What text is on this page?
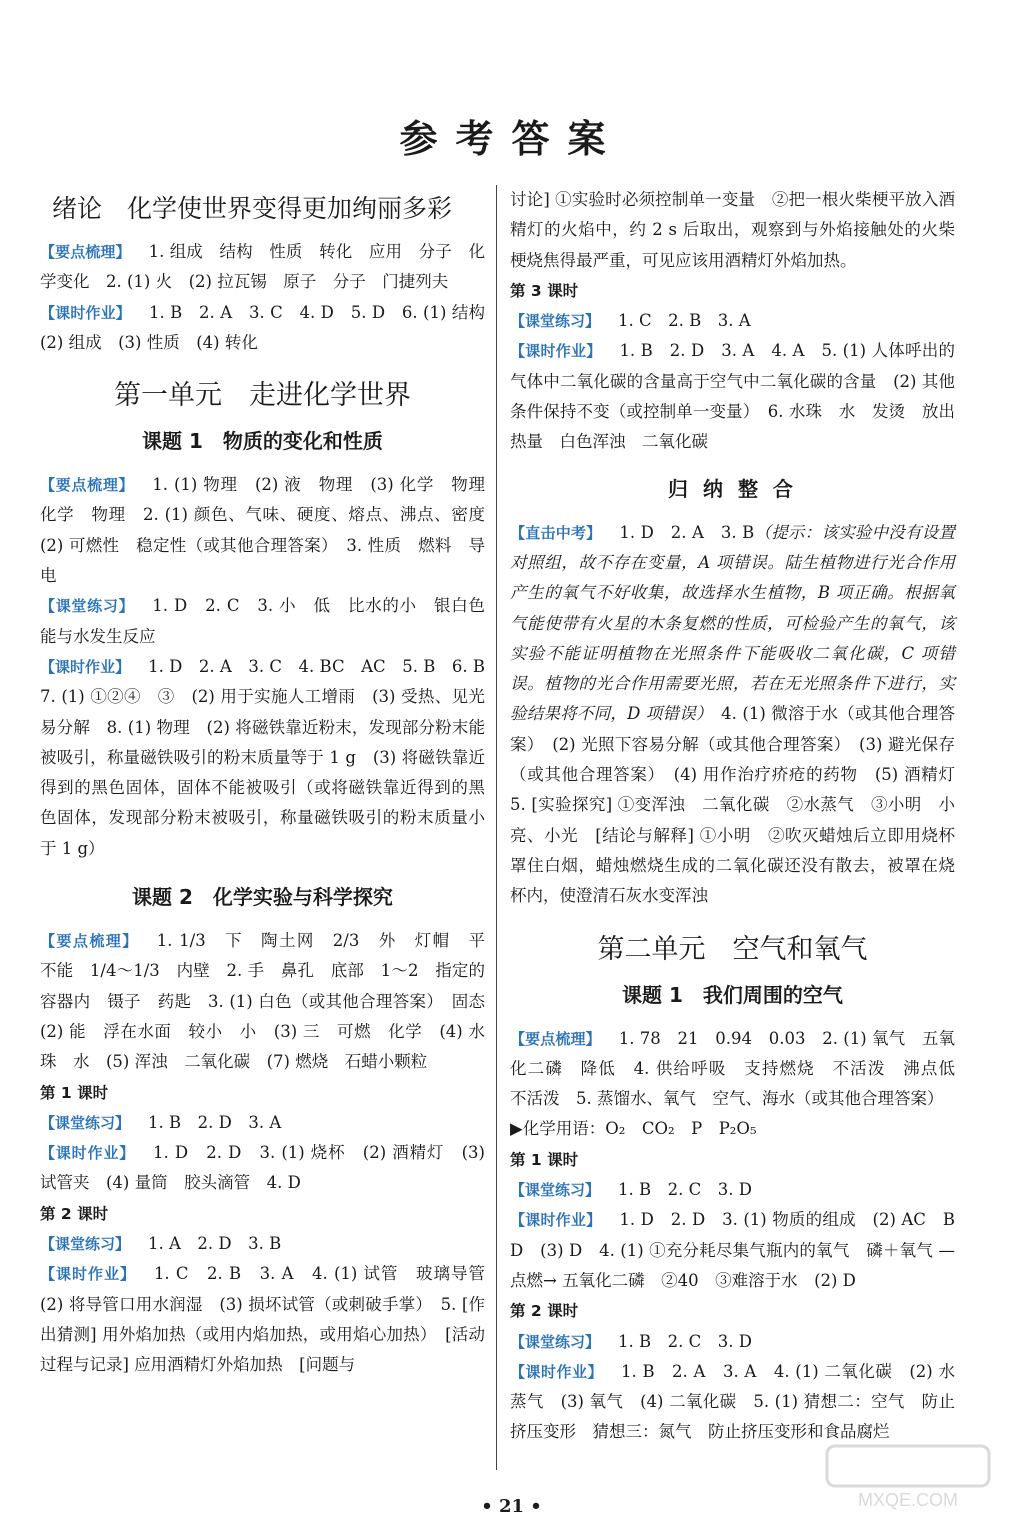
参考答案
绪论　化学使世界变得更加绚丽多彩

【要点梳理】 1. 组成　结构　性质　转化　应用　分子　化学变化　2. (1) 火　(2) 拉瓦锡　原子　分子　门捷列夫

【课时作业】 1. B　2. A　3. C　4. D　5. D　6. (1) 结构　(2) 组成　(3) 性质　(4) 转化

第一单元　走进化学世界
课题 1　物质的变化和性质

【要点梳理】 1. (1) 物理　(2) 液　物理　(3) 化学　物理　化学　物理　2. (1) 颜色、气味、硬度、熔点、沸点、密度　(2) 可燃性　稳定性（或其他合理答案）　3. 性质　燃料　导电

【课堂练习】 1. D　2. C　3. 小　低　比水的小　银白色　能与水发生反应

【课时作业】 1. D　2. A　3. C　4. BC　AC　5. B　6. B　7. (1) ①②④　③　(2) 用于实施人工增雨　(3) 受热、见光易分解　8. (1) 物理　(2) 将磁铁靠近粉末，发现部分粉末能被吸引，称量磁铁吸引的粉末质量等于 1 g　(3) 将磁铁靠近得到的黑色固体，固体不能被吸引（或将磁铁靠近得到的黑色固体，发现部分粉末被吸引，称量磁铁吸引的粉末质量小于 1 g）

课题 2　化学实验与科学探究

【要点梳理】 1. 1/3　下　陶土网　2/3　外　灯帽　平　不能　1/4～1/3　内壁　2. 手　鼻孔　底部　1～2　指定的容器内　镊子　药匙　3. (1) 白色（或其他合理答案）　固态　(2) 能　浮在水面　较小　小　(3) 三　可燃　化学　(4) 水珠　水　(5) 浑浊　二氧化碳　(7) 燃烧　石蜡小颗粒

第 1 课时

【课堂练习】 1. B　2. D　3. A

【课时作业】 1. D　2. D　3. (1) 烧杯　(2) 酒精灯　(3) 试管夹　(4) 量筒　胶头滴管　4. D

第 2 课时

【课堂练习】 1. A　2. D　3. B

【课时作业】 1. C　2. B　3. A　4. (1) 试管　玻璃导管　(2) 将导管口用水润湿　(3) 损坏试管（或刺破手掌）　5. [作出猜测] 用外焰加热（或用内焰加热，或用焰心加热）　[活动过程与记录] 应用酒精灯外焰加热　[问题与

讨论] ①实验时必须控制单一变量　②把一根火柴梗平放入酒精灯的火焰中，约 2 s 后取出，观察到与外焰接触处的火柴梗烧焦得最严重，可见应该用酒精灯外焰加热。

第 3 课时

【课堂练习】 1. C　2. B　3. A

【课时作业】 1. B　2. D　3. A　4. A　5. (1) 人体呼出的气体中二氧化碳的含量高于空气中二氧化碳的含量　(2) 其他条件保持不变（或控制单一变量）　6. 水珠　水　发烫　放出热量　白色浑浊　二氧化碳

归 纳 整 合

【直击中考】 1. D　2. A　3. B（提示：该实验中没有设置对照组，故不存在变量，A 项错误。陆生植物进行光合作用产生的氧气不好收集，故选择水生植物，B 项正确。根据氧气能使带有火星的木条复燃的性质，可检验产生的氧气，该实验不能证明植物在光照条件下能吸收二氧化碳，C 项错误。植物的光合作用需要光照，若在无光照条件下进行，实验结果将不同，D 项错误）　4. (1) 微溶于水（或其他合理答案）　(2) 光照下容易分解（或其他合理答案）　(3) 避光保存（或其他合理答案）　(4) 用作治疗疥疮的药物　(5) 酒精灯　5. [实验探究] ①变浑浊　二氧化碳　②水蒸气　③小明　小亮、小光　[结论与解释] ①小明　②吹灭蜡烛后立即用烧杯罩住白烟，蜡烛燃烧生成的二氧化碳还没有散去，被罩在烧杯内，使澄清石灰水变浑浊

第二单元　空气和氧气
课题 1　我们周围的空气

【要点梳理】 1. 78　21　0.94　0.03　2. (1) 氧气　五氧化二磷　降低　4. 供给呼吸　支持燃烧　不活泼　沸点低　不活泼　5. 蒸馏水、氧气　空气、海水（或其他合理答案）

▶化学用语：O₂　CO₂　P　P₂O₅

第 1 课时

【课堂练习】 1. B　2. C　3. D

【课时作业】 1. D　2. D　3. (1) 物质的组成　(2) AC　BD　(3) D　4. (1) ①充分耗尽集气瓶内的氧气　磷＋氧气 —点燃→ 五氧化二磷　②40　③难溶于水　(2) D

第 2 课时

【课堂练习】 1. B　2. C　3. D

【课时作业】 1. B　2. A　3. A　4. (1) 二氧化碳　(2) 水蒸气　(3) 氧气　(4) 二氧化碳　5. (1) 猜想二：空气　防止挤压变形　猜想三：氮气　防止挤压变形和食品腐烂

• 21 •	MXQE.COM
